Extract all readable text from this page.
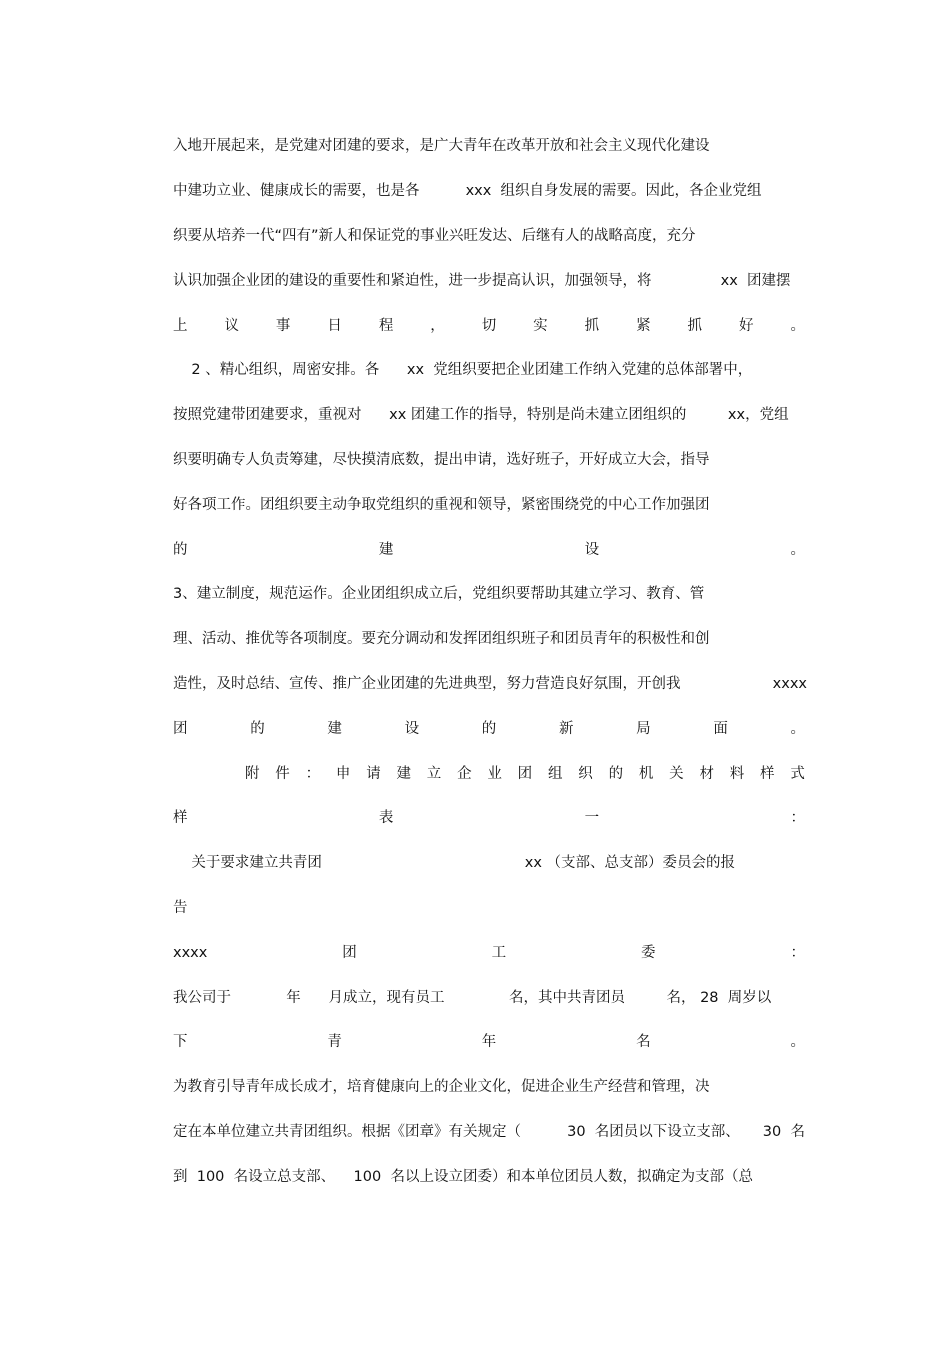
入地开展起来，是党建对团建的要求，是广大青年在改革开放和社会主义现代化建设
中建功立业、健康成长的需要，也是各          xxx  组织自身发展的需要。因此，各企业党组
织要从培养一代“四有”新人和保证党的事业兴旺发达、后继有人的战略高度，充分
认识加强企业团的建设的重要性和紧迫性，进一步提高认识，加强领导，将               xx  团建摆
上	议	事	日	程	，	切	实	抓	紧	抓	好	。
2 、精心组织，周密安排。各      xx  党组织要把企业团建工作纳入党建的总体部署中，
按照党建带团建要求，重视对      xx 团建工作的指导，特别是尚未建立团组织的         xx，党组
织要明确专人负责筹建，尽快摸清底数，提出申请，选好班子，开好成立大会，指导
好各项工作。团组织要主动争取党组织的重视和领导，紧密围绕党的中心工作加强团
的	建	设	。
3、建立制度，规范运作。企业团组织成立后，党组织要帮助其建立学习、教育、管
理、活动、推优等各项制度。要充分调动和发挥团组织班子和团员青年的积极性和创
造性，及时总结、宣传、推广企业团建的先进典型，努力营造良好氛围，开创我                    xxxx
团	的	建	设	的	新	局	面	。
附 件 ： 申 请 建 立 企 业 团 组 织 的 机 关 材 料 样 式
样	表	一	：
关于要求建立共青团                                            xx （支部、总支部）委员会的报
告
xxxx	团	工	委	：
我公司于            年      月成立，现有员工              名，其中共青团员         名， 28  周岁以
下	青	年	名	。
为教育引导青年成长成才，培育健康向上的企业文化，促进企业生产经营和管理，决
定在本单位建立共青团组织。根据《团章》有关规定（          30  名团员以下设立支部、     30  名
到  100  名设立总支部、    100  名以上设立团委）和本单位团员人数，拟确定为支部（总
